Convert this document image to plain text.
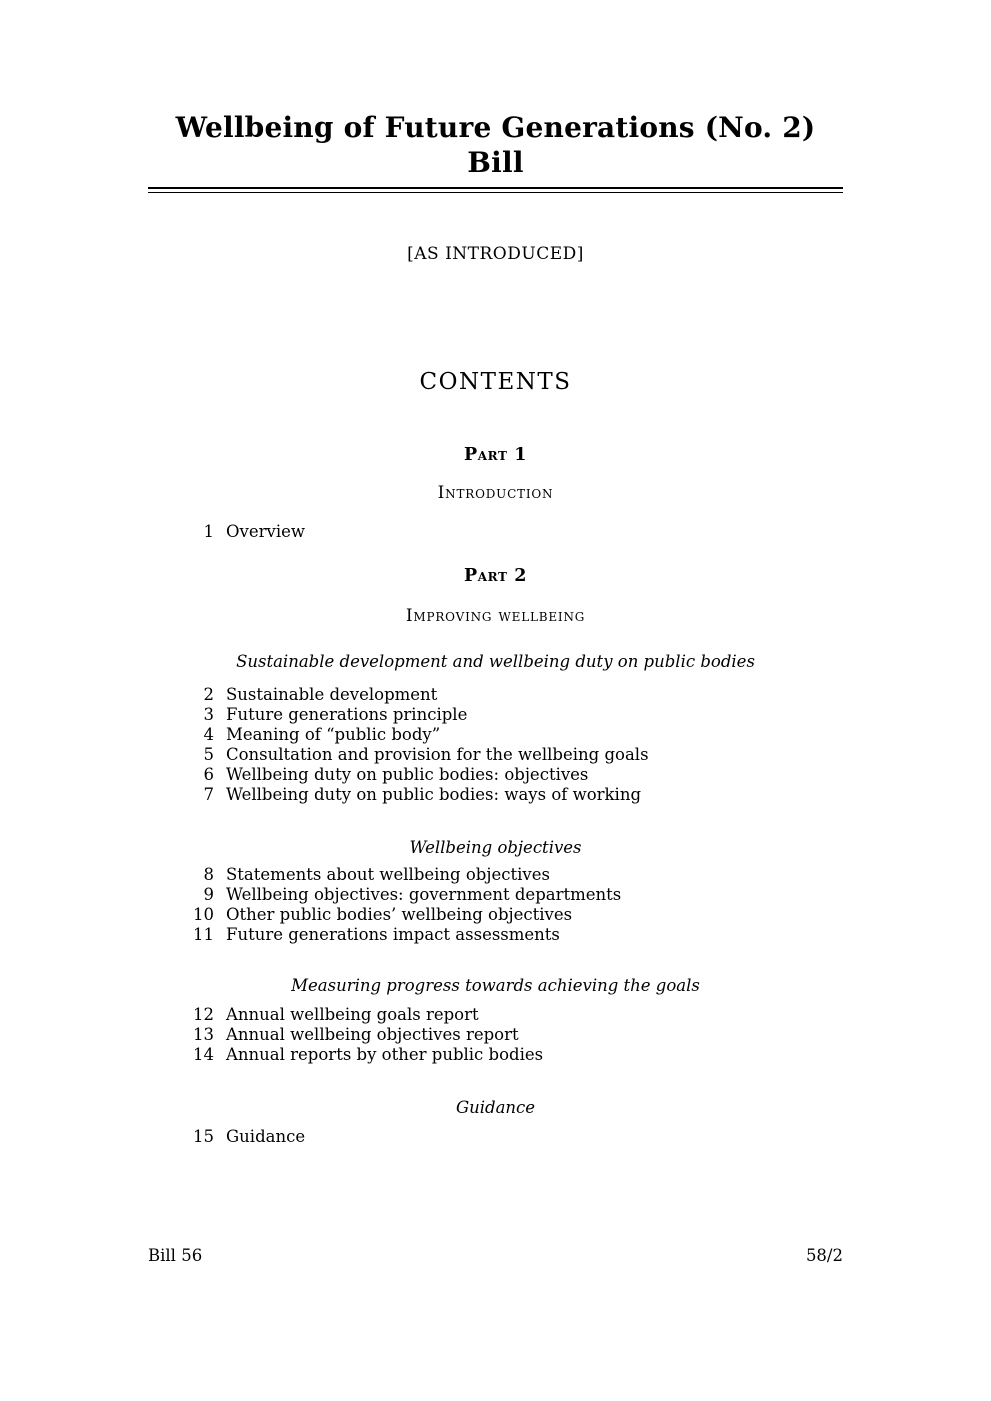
Wellbeing of Future Generations (No. 2) Bill
[AS INTRODUCED]
CONTENTS
Part 1
Introduction
1 Overview
Part 2
Improving wellbeing
Sustainable development and wellbeing duty on public bodies
2 Sustainable development
3 Future generations principle
4 Meaning of “public body”
5 Consultation and provision for the wellbeing goals
6 Wellbeing duty on public bodies: objectives
7 Wellbeing duty on public bodies: ways of working
Wellbeing objectives
8 Statements about wellbeing objectives
9 Wellbeing objectives: government departments
10 Other public bodies’ wellbeing objectives
11 Future generations impact assessments
Measuring progress towards achieving the goals
12 Annual wellbeing goals report
13 Annual wellbeing objectives report
14 Annual reports by other public bodies
Guidance
15 Guidance
Bill 56	58/2
